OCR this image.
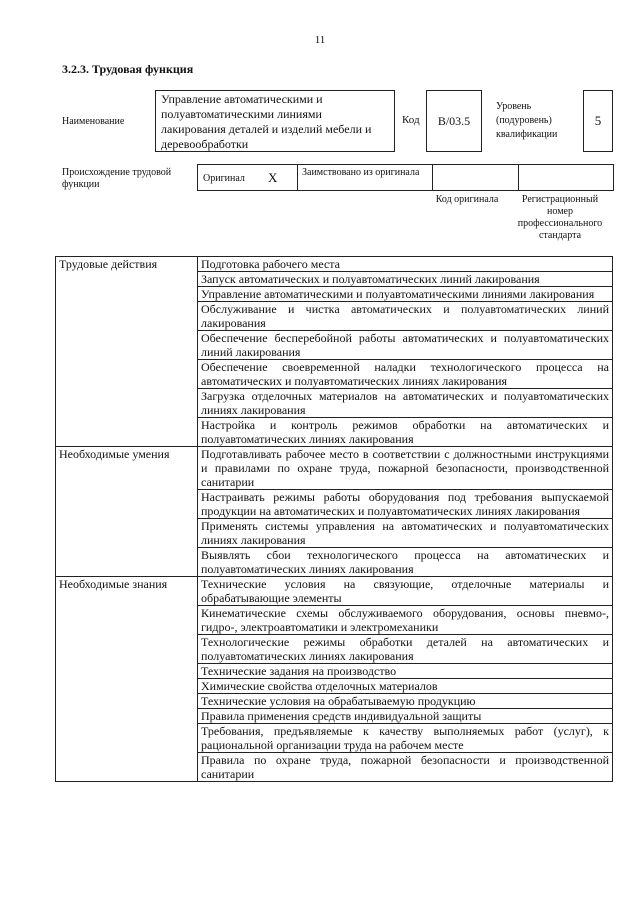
11
3.2.3. Трудовая функция
Наименование
Управление автоматическими и полуавтоматическими линиями лакирования деталей и изделий мебели и деревообработки
Код	B/03.5
Уровень (подуровень) квалификации
5
Происхождение трудовой функции
Оригинал X	Заимствовано из оригинала
Код оригинала	Регистрационный номер профессионального стандарта
Трудовые действия	Подготовка рабочего места
	Запуск автоматических и полуавтоматических линий лакирования
	Управление автоматическими и полуавтоматическими линиями лакирования
	Обслуживание и чистка автоматических и полуавтоматических линий лакирования
	Обеспечение бесперебойной работы автоматических и полуавтоматических линий лакирования
	Обеспечение своевременной наладки технологического процесса на автоматических и полуавтоматических линиях лакирования
	Загрузка отделочных материалов на автоматических и полуавтоматических линиях лакирования
	Настройка и контроль режимов обработки на автоматических и полуавтоматических линиях лакирования
Необходимые умения	Подготавливать рабочее место в соответствии с должностными инструкциями и правилами по охране труда, пожарной безопасности, производственной санитарии
	Настраивать режимы работы оборудования под требования выпускаемой продукции на автоматических и полуавтоматических линиях лакирования
	Применять системы управления на автоматических и полуавтоматических линиях лакирования
	Выявлять сбои технологического процесса на автоматических и полуавтоматических линиях лакирования
Необходимые знания	Технические условия на связующие, отделочные материалы и обрабатывающие элементы
	Кинематические схемы обслуживаемого оборудования, основы пневмо-, гидро-, электроавтоматики и электромеханики
	Технологические режимы обработки деталей на автоматических и полуавтоматических линиях лакирования
	Технические задания на производство
	Химические свойства отделочных материалов
	Технические условия на обрабатываемую продукцию
	Правила применения средств индивидуальной защиты
	Требования, предъявляемые к качеству выполняемых работ (услуг), к рациональной организации труда на рабочем месте
	Правила по охране труда, пожарной безопасности и производственной санитарии
